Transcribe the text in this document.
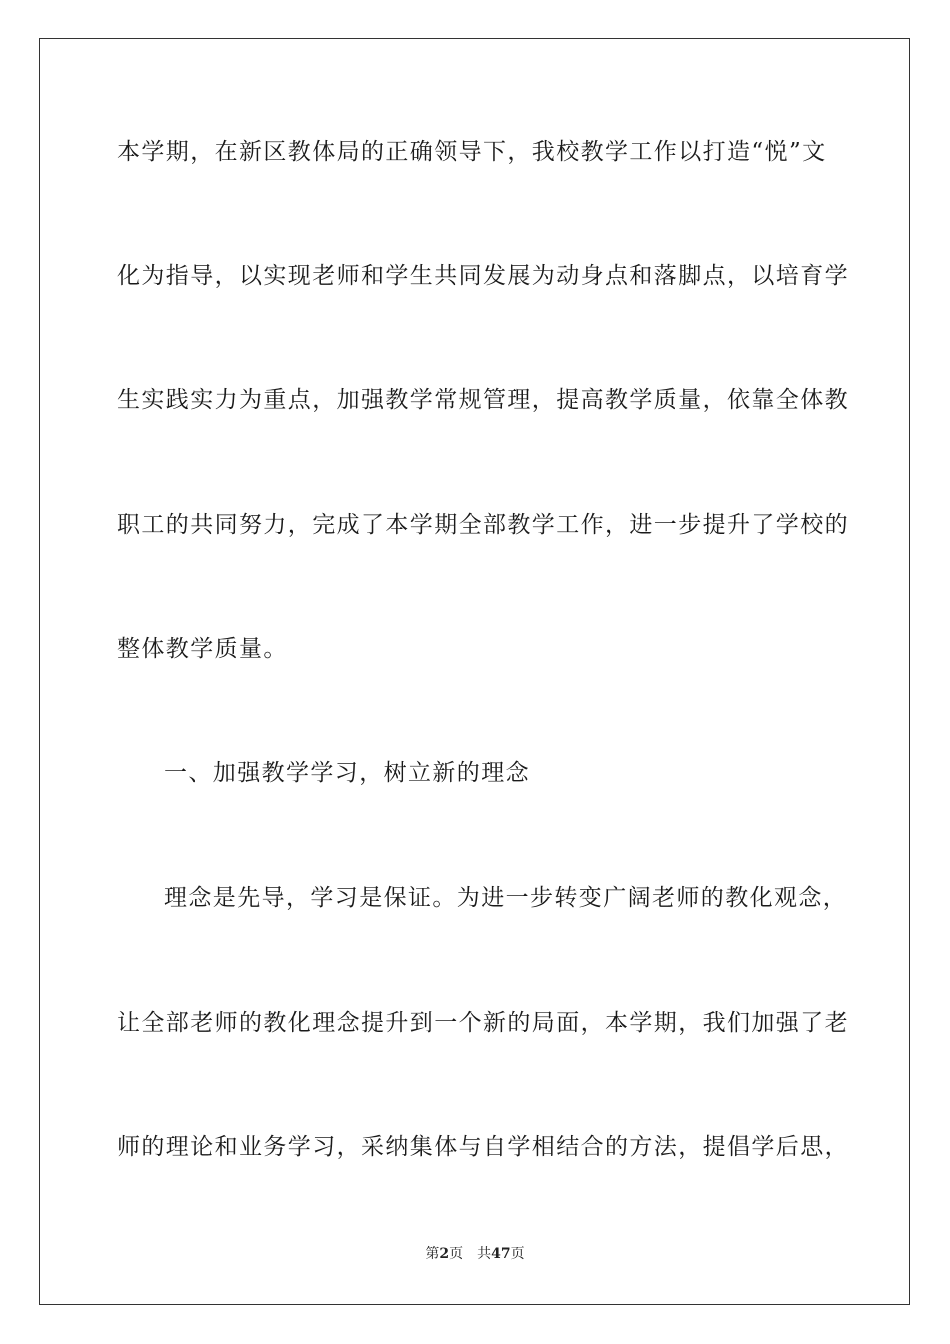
本学期，在新区教体局的正确领导下，我校教学工作以打造“悦”文
化为指导，以实现老师和学生共同发展为动身点和落脚点，以培育学
生实践实力为重点，加强教学常规管理，提高教学质量，依靠全体教
职工的共同努力，完成了本学期全部教学工作，进一步提升了学校的
整体教学质量。
一、加强教学学习，树立新的理念
理念是先导，学习是保证。为进一步转变广阔老师的教化观念，
让全部老师的教化理念提升到一个新的局面，本学期，我们加强了老
师的理论和业务学习，采纳集体与自学相结合的方法，提倡学后思，
第2页 共47页
